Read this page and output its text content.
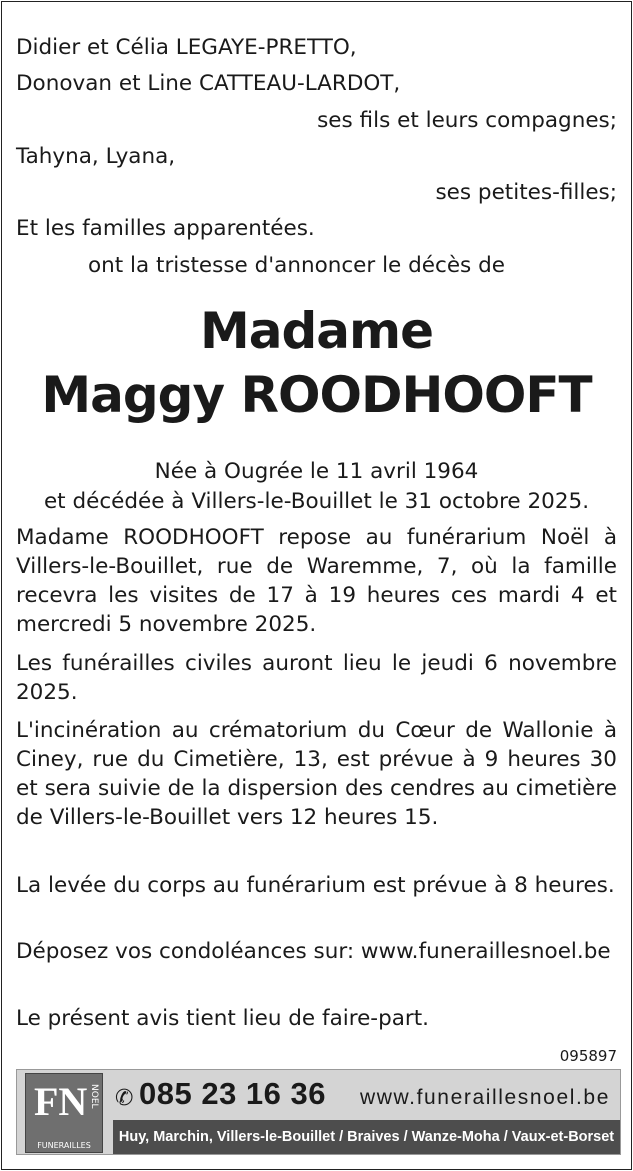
Didier et Célia LEGAYE-PRETTO,
Donovan et Line CATTEAU-LARDOT,
ses fils et leurs compagnes;
Tahyna, Lyana,
ses petites-filles;
Et les familles apparentées.
ont la tristesse d'annoncer le décès de
Madame
Maggy ROODHOOFT
Née à Ougrée le 11 avril 1964
et décédée à Villers-le-Bouillet le 31 octobre 2025.
Madame ROODHOOFT repose au funérarium Noël à Villers-le-Bouillet, rue de Waremme, 7, où la famille recevra les visites de 17 à 19 heures ces mardi 4 et mercredi 5 novembre 2025.
Les funérailles civiles auront lieu le jeudi 6 novembre 2025.
L'incinération au crématorium du Cœur de Wallonie à Ciney, rue du Cimetière, 13, est prévue à 9 heures 30 et sera suivie de la dispersion des cendres au cimetière de Villers-le-Bouillet vers 12 heures 15.
La levée du corps au funérarium est prévue à 8 heures.
Déposez vos condoléances sur: www.funeraillesnoel.be
Le présent avis tient lieu de faire-part.
095897
FN NOEL
FUNERAILLES
✆ 085 23 16 36 www.funeraillesnoel.be
Huy, Marchin, Villers-le-Bouillet / Braives / Wanze-Moha / Vaux-et-Borset
